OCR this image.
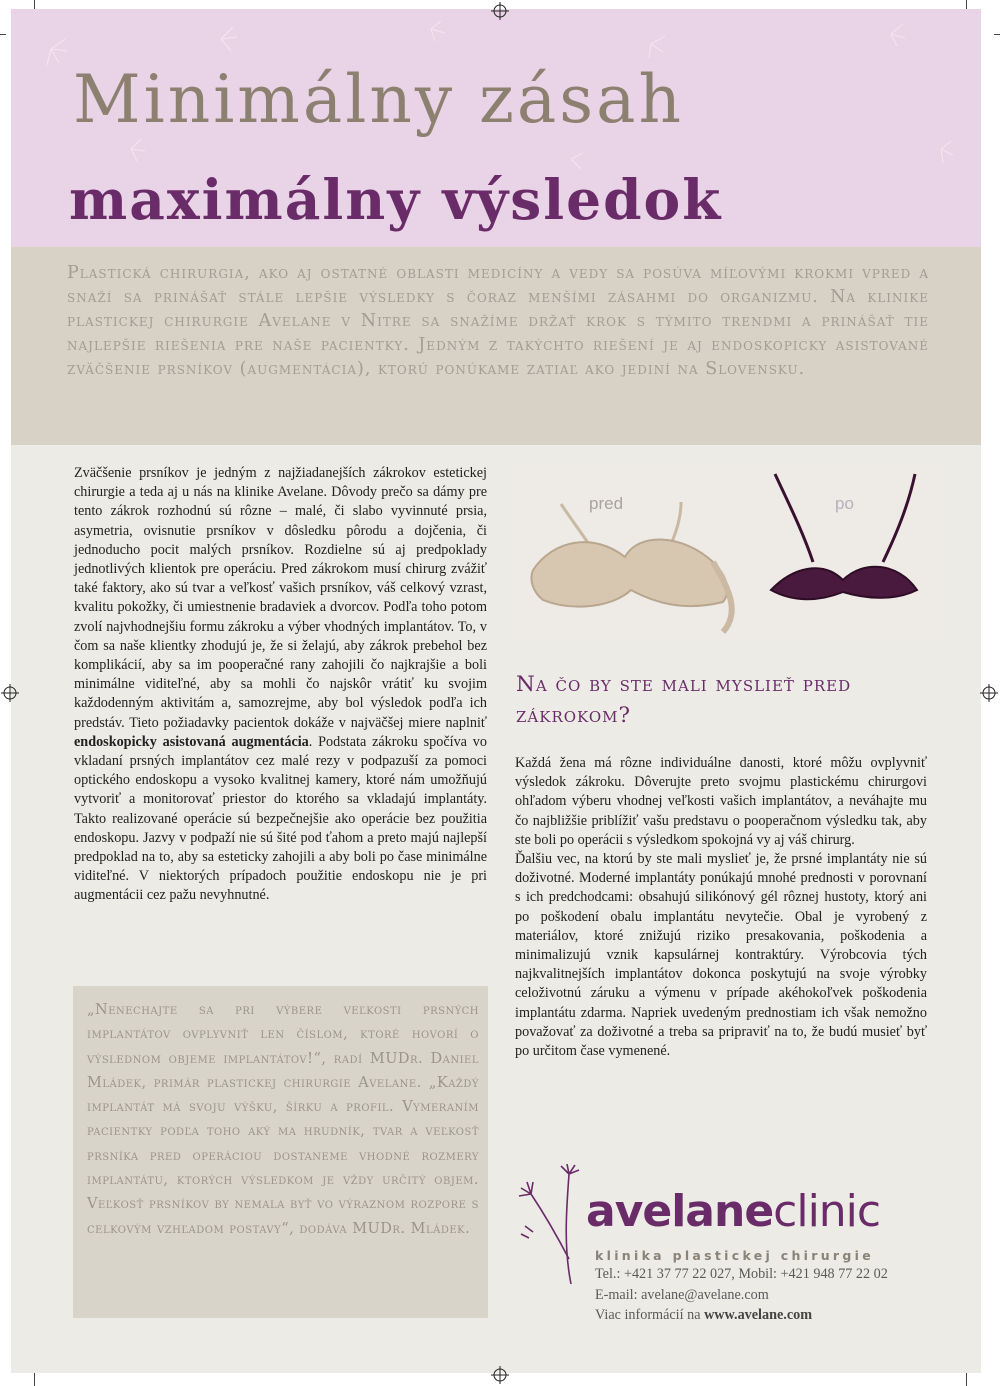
Minimálny zásah
maximálny výsledok
Plastická chirurgia, ako aj ostatné oblasti medicíny a vedy sa posúva míľovými krokmi vpred a snaží sa prinášať stále lepšie výsledky s čoraz menšími zásahmi do organizmu. Na klinike plastickej chirurgie Avelane v Nitre sa snažíme držať krok s týmito trendmi a prinášať tie najlepšie riešenia pre naše pacientky. Jedným z takýchto riešení je aj endoskopicky asistované zväčšenie prsníkov (augmentácia), ktorú ponúkame zatiaľ ako jediní na Slovensku.
Zväčšenie prsníkov je jedným z najžiadanejších zákrokov estetickej chirurgie a teda aj u nás na klinike Avelane. Dôvody prečo sa dámy pre tento zákrok rozhodnú sú rôzne – malé, či slabo vyvinnuté prsia, asymetria, ovisnutie prsníkov v dôsledku pôrodu a dojčenia, či jednoducho pocit malých prsníkov. Rozdielne sú aj predpoklady jednotlivých klientok pre operáciu. Pred zákrokom musí chirurg zvážiť také faktory, ako sú tvar a veľkosť vašich prsníkov, váš celkový vzrast, kvalitu pokožky, či umiestnenie bradaviek a dvorcov. Podľa toho potom zvolí najvhodnejšiu formu zákroku a výber vhodných implantátov. To, v čom sa naše klientky zhodujú je, že si želajú, aby zákrok prebehol bez komplikácií, aby sa im pooperačné rany zahojili čo najkrajšie a boli minimálne viditeľné, aby sa mohli čo najskôr vrátiť ku svojim každodenným aktivitám a, samozrejme, aby bol výsledok podľa ich predstáv. Tieto požiadavky pacientok dokáže v najväčšej miere naplniť endoskopicky asistovaná augmentácia. Podstata zákroku spočíva vo vkladaní prsných implantátov cez malé rezy v podpazuší za pomoci optického endoskopu a vysoko kvalitnej kamery, ktoré nám umožňujú vytvoriť a monitorovať priestor do ktorého sa vkladajú implantáty. Takto realizované operácie sú bezpečnejšie ako operácie bez použitia endoskopu. Jazvy v podpaží nie sú šité pod ťahom a preto majú najlepší predpoklad na to, aby sa esteticky zahojili a aby boli po čase minimálne viditeľné. V niektorých prípadoch použitie endoskopu nie je pri augmentácii cez pažu nevyhnutné.
„Nenechajte sa pri výbere veľkosti prsných implantátov ovplyvniť len číslom, ktoré hovorí o výslednom objeme implantátov!“, radí MUDr. Daniel Mládek, primár plastickej chirurgie Avelane. „Každý implantát má svoju výšku, šírku a profil. Vymeraním pacientky podľa toho aký ma hrudník, tvar a veľkosť prsníka pred operáciou dostaneme vhodné rozmery implantátu, ktorých výsledkom je vždy určitý objem. Veľkosť prsníkov by nemala byť vo výraznom rozpore s celkovým vzhľadom postavy“, dodáva MUDr. Mládek.
pred	po
Na čo by ste mali myslieť pred zákrokom?
Každá žena má rôzne individuálne danosti, ktoré môžu ovplyvniť výsledok zákroku. Dôverujte preto svojmu plastickému chirurgovi ohľadom výberu vhodnej veľkosti vašich implantátov, a neváhajte mu čo najbližšie priblížiť vašu predstavu o pooperačnom výsledku tak, aby ste boli po operácii s výsledkom spokojná vy aj váš chirurg.
Ďalšiu vec, na ktorú by ste mali myslieť je, že prsné implantáty nie sú doživotné. Moderné implantáty ponúkajú mnohé prednosti v porovnaní s ich predchodcami: obsahujú silikónový gél rôznej hustoty, ktorý ani po poškodení obalu implantátu nevytečie. Obal je vyrobený z materiálov, ktoré znižujú riziko presakovania, poškodenia a minimalizujú vznik kapsulárnej kontraktúry. Výrobcovia tých najkvalitnejších implantátov dokonca poskytujú na svoje výrobky celoživotnú záruku a výmenu v prípade akéhokoľvek poškodenia implantátu zdarma. Napriek uvedeným prednostiam ich však nemožno považovať za doživotné a treba sa pripraviť na to, že budú musieť byť po určitom čase vymenené.
avelaneclinic
klinika plastickej chirurgie
Tel.: +421 37 77 22 027, Mobil: +421 948 77 22 02
E-mail: avelane@avelane.com
Viac informácií na www.avelane.com
